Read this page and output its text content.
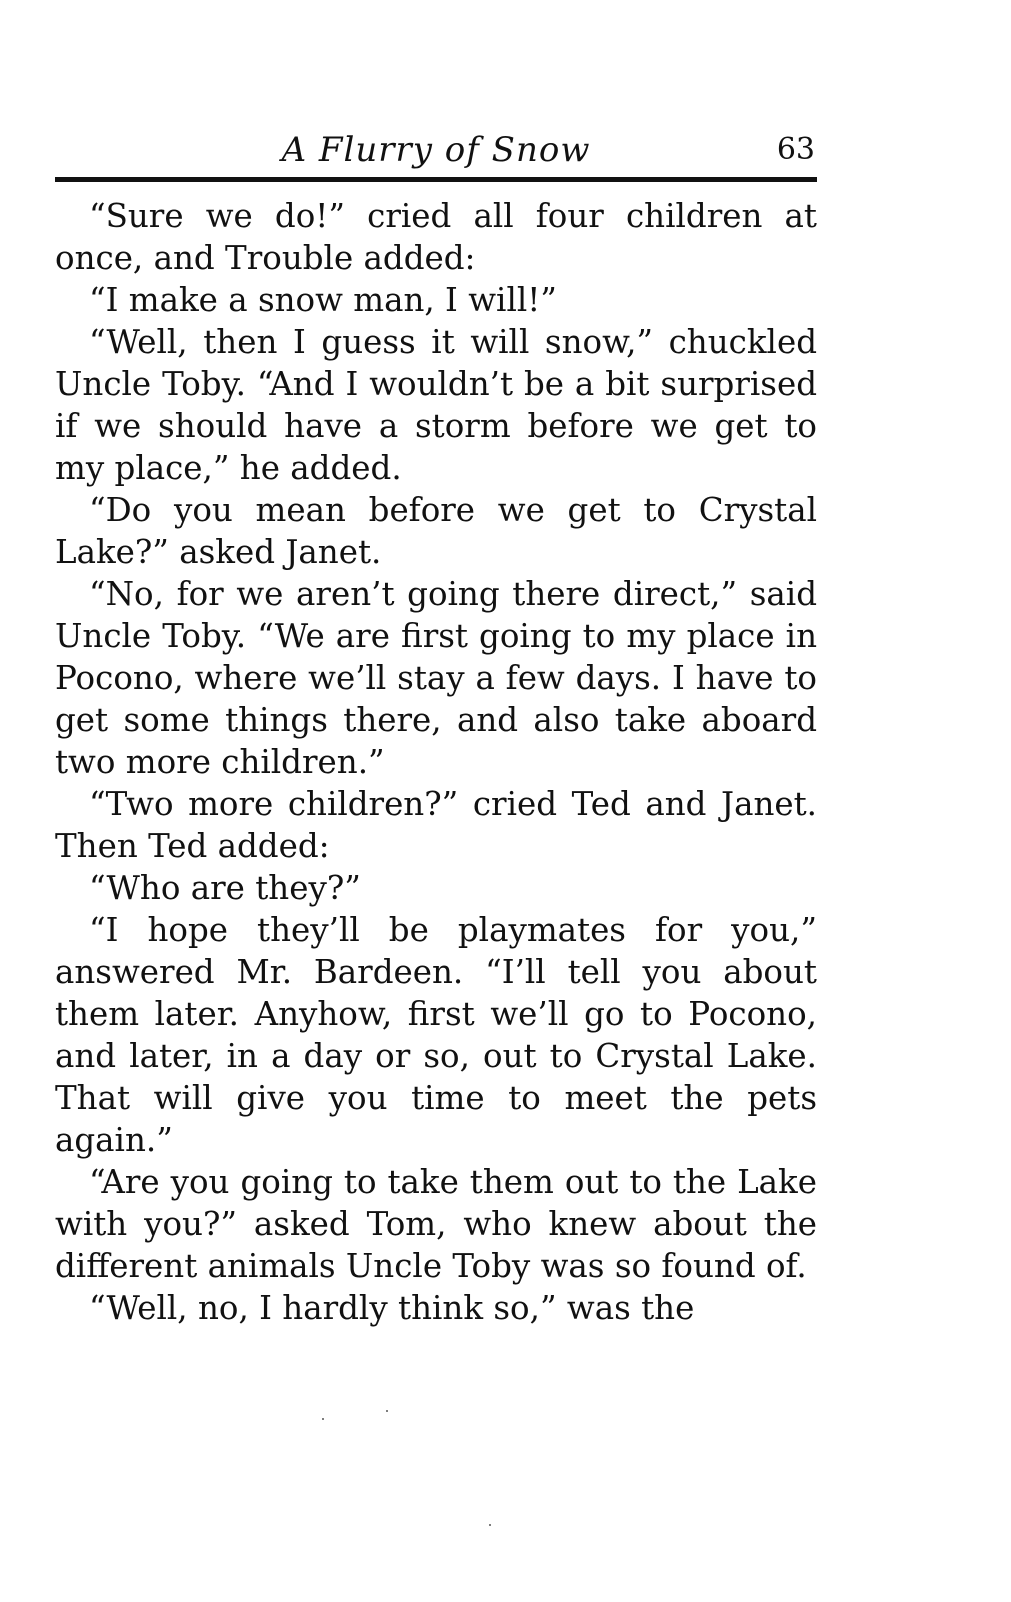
A Flurry of Snow	63

“Sure we do!” cried all four children at once, and Trouble added:

“I make a snow man, I will!”

“Well, then I guess it will snow,” chuckled Uncle Toby. “And I wouldn’t be a bit surprised if we should have a storm before we get to my place,” he added.

“Do you mean before we get to Crystal Lake?” asked Janet.

“No, for we aren’t going there direct,” said Uncle Toby. “We are first going to my place in Pocono, where we’ll stay a few days. I have to get some things there, and also take aboard two more children.”

“Two more children?” cried Ted and Janet. Then Ted added:

“Who are they?”

“I hope they’ll be playmates for you,” answered Mr. Bardeen. “I’ll tell you about them later. Anyhow, first we’ll go to Pocono, and later, in a day or so, out to Crystal Lake. That will give you time to meet the pets again.”

“Are you going to take them out to the Lake with you?” asked Tom, who knew about the different animals Uncle Toby was so found of.

“Well, no, I hardly think so,” was the
